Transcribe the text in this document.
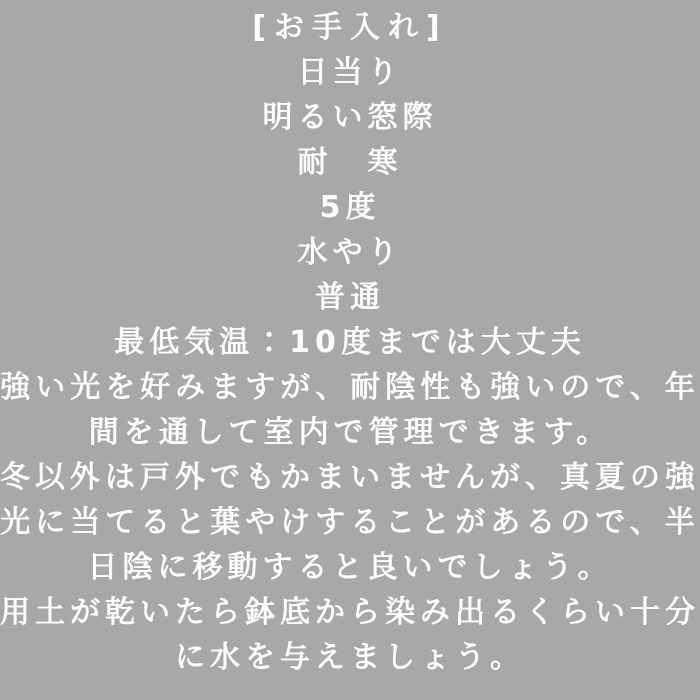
[お手入れ]
日当り
明るい窓際
耐　寒
5度
水やり
普通
最低気温：10度までは大丈夫
強い光を好みますが、耐陰性も強いので、年
間を通して室内で管理できます。
冬以外は戸外でもかまいませんが、真夏の強
光に当てると葉やけすることがあるので、半
日陰に移動すると良いでしょう。
用土が乾いたら鉢底から染み出るくらい十分
に水を与えましょう。
